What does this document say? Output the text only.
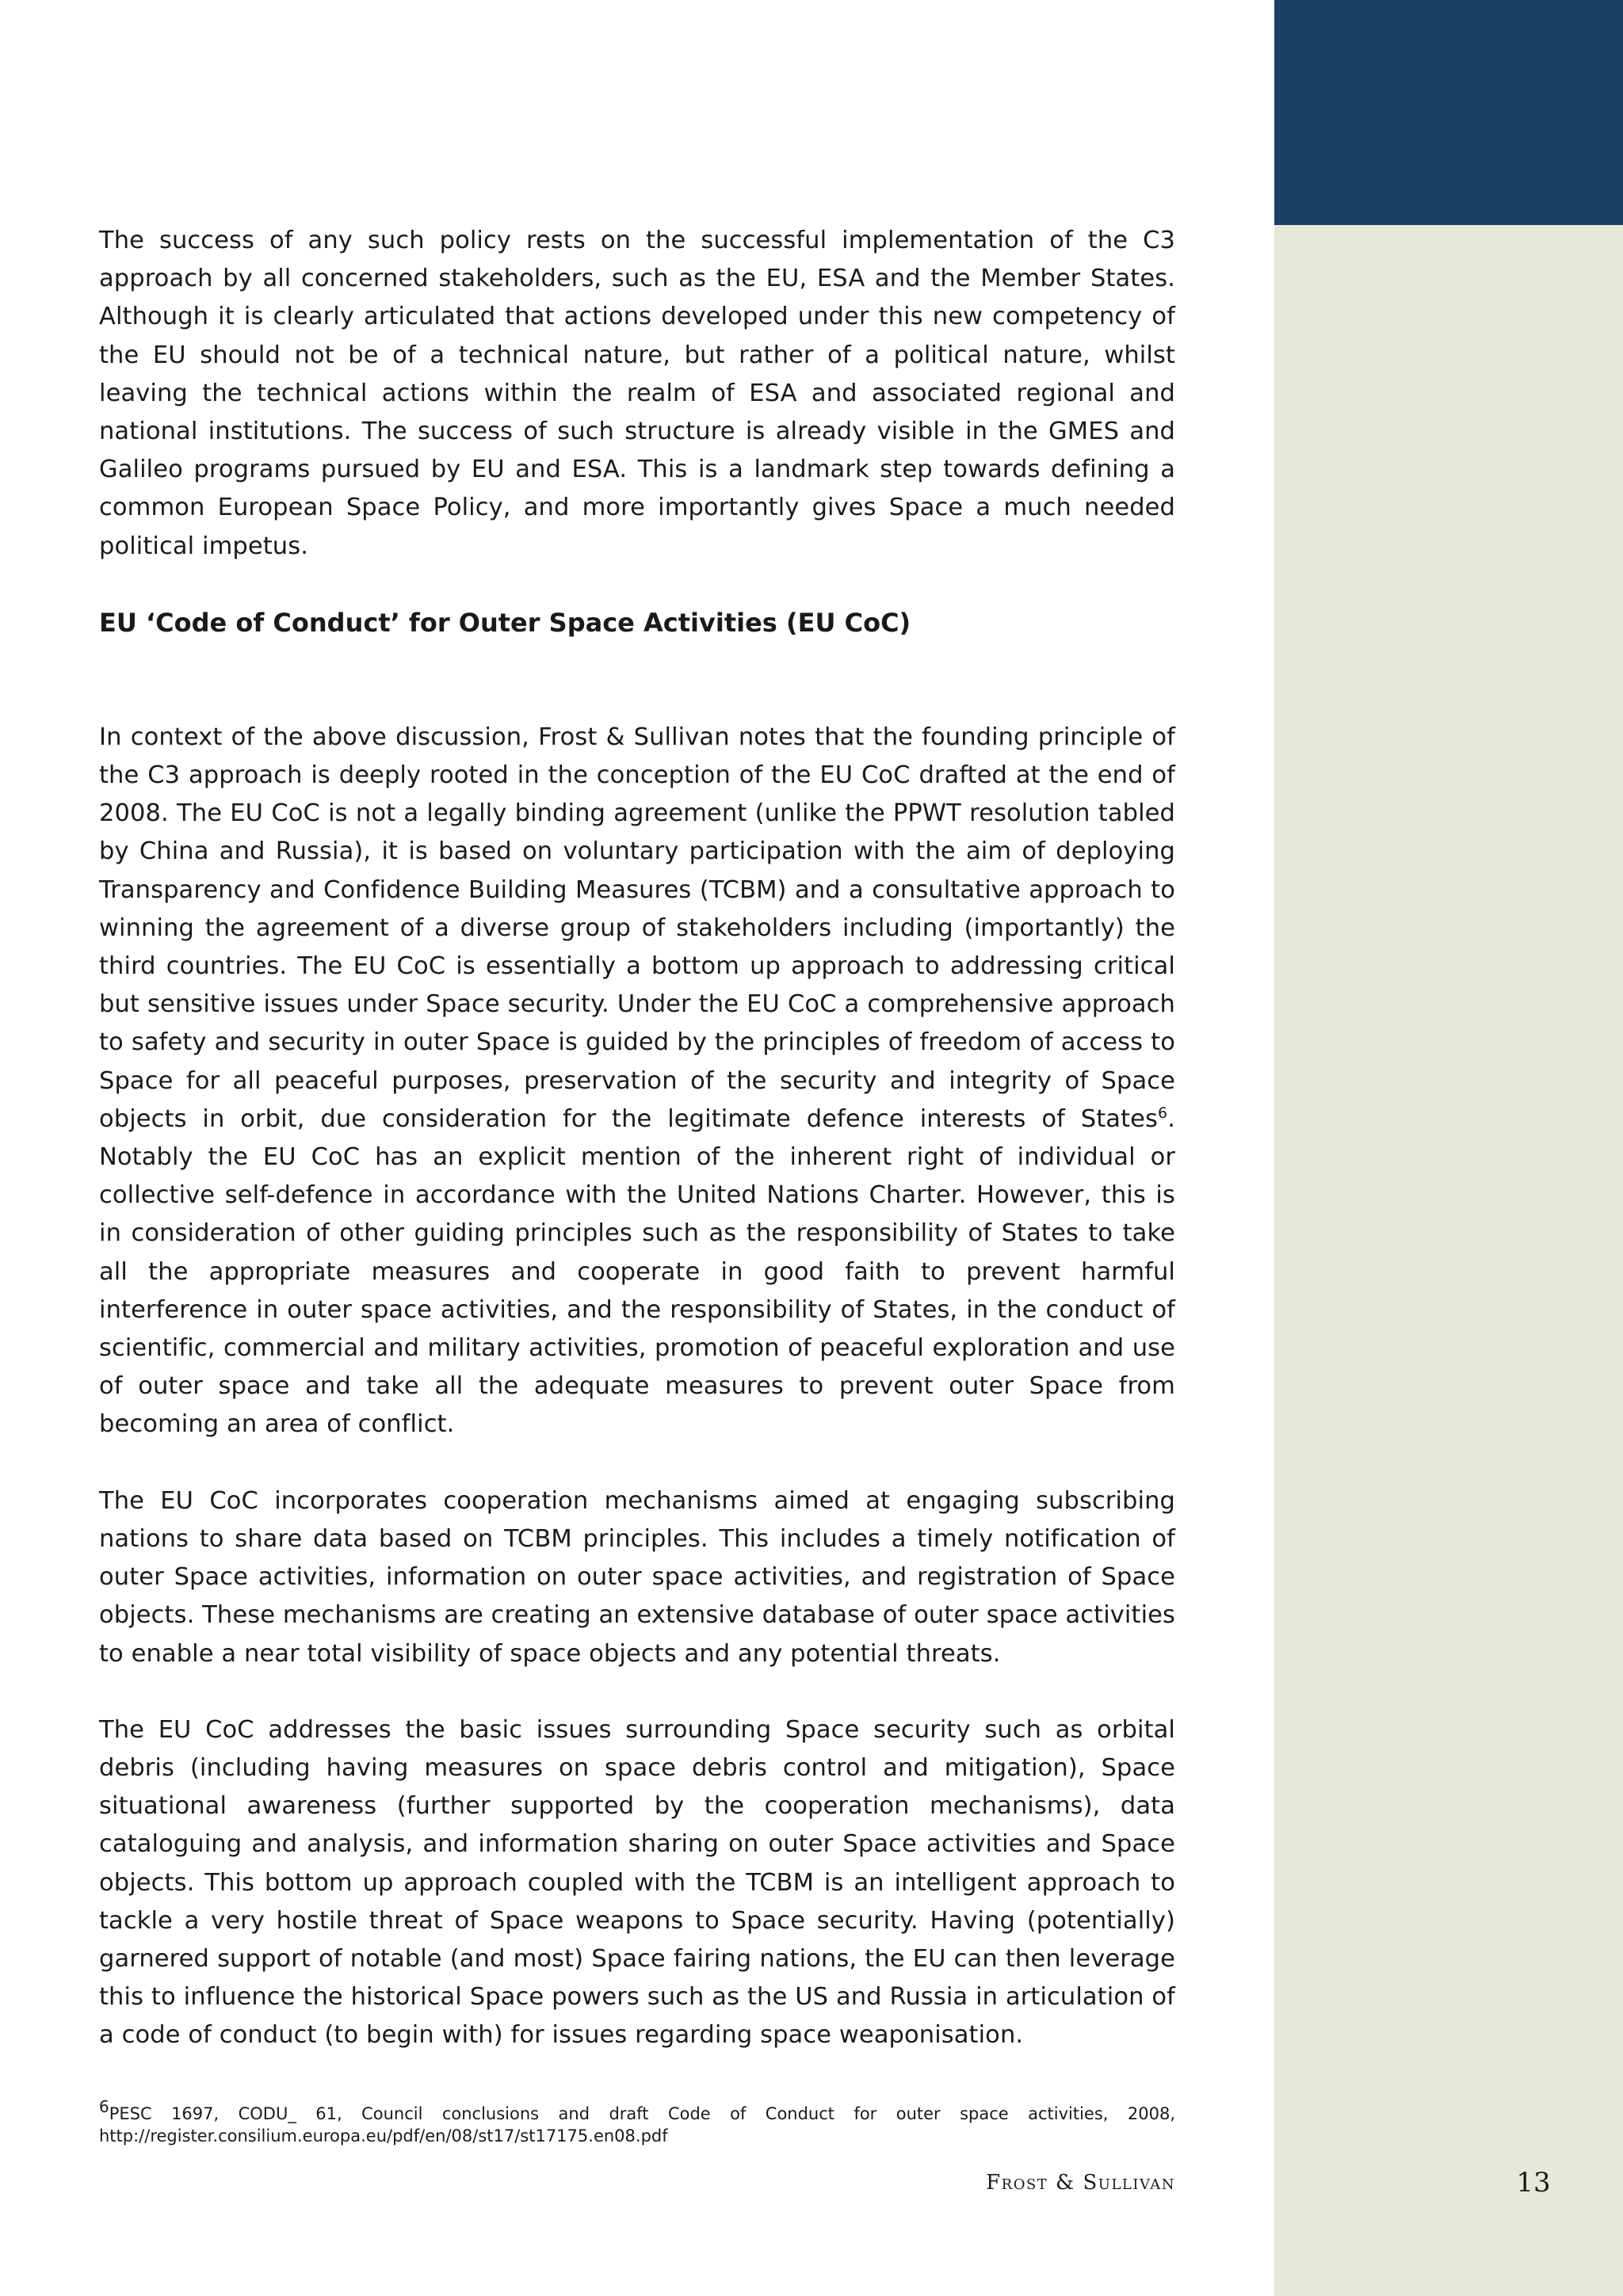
The success of any such policy rests on the successful implementation of the C3 approach by all concerned stakeholders, such as the EU, ESA and the Member States. Although it is clearly articulated that actions developed under this new competency of the EU should not be of a technical nature, but rather of a political nature, whilst leaving the technical actions within the realm of ESA and associated regional and national institutions. The success of such structure is already visible in the GMES and Galileo programs pursued by EU and ESA. This is a landmark step towards defining a common European Space Policy, and more importantly gives Space a much needed political impetus.

EU ‘Code of Conduct’ for Outer Space Activities (EU CoC)

In context of the above discussion, Frost & Sullivan notes that the founding principle of the C3 approach is deeply rooted in the conception of the EU CoC drafted at the end of 2008. The EU CoC is not a legally binding agreement (unlike the PPWT resolution tabled by China and Russia), it is based on voluntary participation with the aim of deploying Transparency and Confidence Building Measures (TCBM) and a consultative approach to winning the agreement of a diverse group of stakeholders including (importantly) the third countries. The EU CoC is essentially a bottom up approach to addressing critical but sensitive issues under Space security. Under the EU CoC a comprehensive approach to safety and security in outer Space is guided by the principles of freedom of access to Space for all peaceful purposes, preservation of the security and integrity of Space objects in orbit, due consideration for the legitimate defence interests of States$^6$. Notably the EU CoC has an explicit mention of the inherent right of individual or collective self-defence in accordance with the United Nations Charter. However, this is in consideration of other guiding principles such as the responsibility of States to take all the appropriate measures and cooperate in good faith to prevent harmful interference in outer space activities, and the responsibility of States, in the conduct of scientific, commercial and military activities, promotion of peaceful exploration and use of outer space and take all the adequate measures to prevent outer Space from becoming an area of conflict.

The EU CoC incorporates cooperation mechanisms aimed at engaging subscribing nations to share data based on TCBM principles. This includes a timely notification of outer Space activities, information on outer space activities, and registration of Space objects. These mechanisms are creating an extensive database of outer space activities to enable a near total visibility of space objects and any potential threats.

The EU CoC addresses the basic issues surrounding Space security such as orbital debris (including having measures on space debris control and mitigation), Space situational awareness (further supported by the cooperation mechanisms), data cataloguing and analysis, and information sharing on outer Space activities and Space objects. This bottom up approach coupled with the TCBM is an intelligent approach to tackle a very hostile threat of Space weapons to Space security. Having (potentially) garnered support of notable (and most) Space fairing nations, the EU can then leverage this to influence the historical Space powers such as the US and Russia in articulation of a code of conduct (to begin with) for issues regarding space weaponisation.

6PESC 1697, CODU_ 61, Council conclusions and draft Code of Conduct for outer space activities, 2008,
http://register.consilium.europa.eu/pdf/en/08/st17/st17175.en08.pdf

Frost & Sullivan	13
